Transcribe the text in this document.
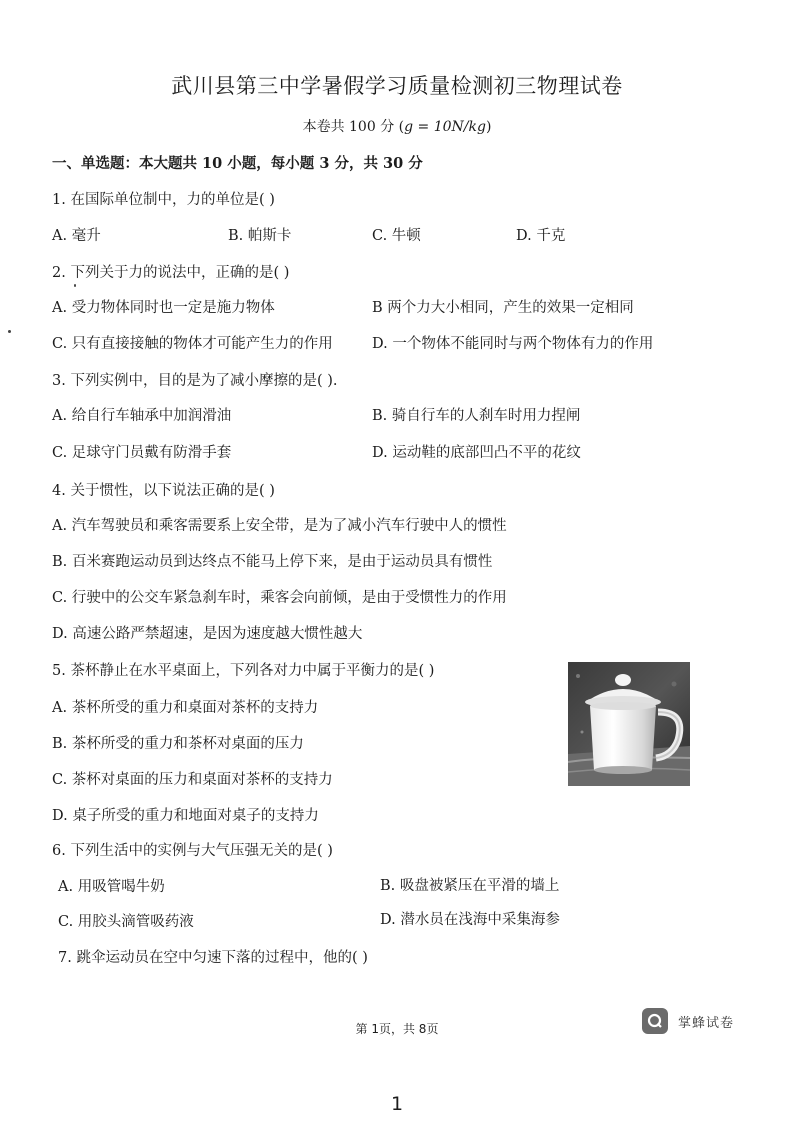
武川县第三中学暑假学习质量检测初三物理试卷
本卷共 100 分 (g = 10N/kg)
一、单选题：本大题共 10 小题，每小题 3 分，共 30 分
1. 在国际单位制中，力的单位是( )
A. 毫升	B. 帕斯卡	C. 牛顿	D. 千克
2. 下列关于力的说法中，正确的是( )
A. 受力物体同时也一定是施力物体	B 两个力大小相同，产生的效果一定相同
C. 只有直接接触的物体才可能产生力的作用	D. 一个物体不能同时与两个物体有力的作用
3. 下列实例中，目的是为了减小摩擦的是( ).
A. 给自行车轴承中加润滑油	B. 骑自行车的人刹车时用力捏闸
C. 足球守门员戴有防滑手套	D. 运动鞋的底部凹凸不平的花纹
4. 关于惯性，以下说法正确的是( )
A. 汽车驾驶员和乘客需要系上安全带，是为了减小汽车行驶中人的惯性
B. 百米赛跑运动员到达终点不能马上停下来，是由于运动员具有惯性
C. 行驶中的公交车紧急刹车时，乘客会向前倾，是由于受惯性力的作用
D. 高速公路严禁超速，是因为速度越大惯性越大
5. 茶杯静止在水平桌面上，下列各对力中属于平衡力的是( )
A. 茶杯所受的重力和桌面对茶杯的支持力
B. 茶杯所受的重力和茶杯对桌面的压力
C. 茶杯对桌面的压力和桌面对茶杯的支持力
D. 桌子所受的重力和地面对桌子的支持力
6. 下列生活中的实例与大气压强无关的是( )
A. 用吸管喝牛奶	B. 吸盘被紧压在平滑的墙上
C. 用胶头滴管吸药液	D. 潜水员在浅海中采集海参
7. 跳伞运动员在空中匀速下落的过程中，他的( )
第 1页，共 8页	掌蜂试卷
1
